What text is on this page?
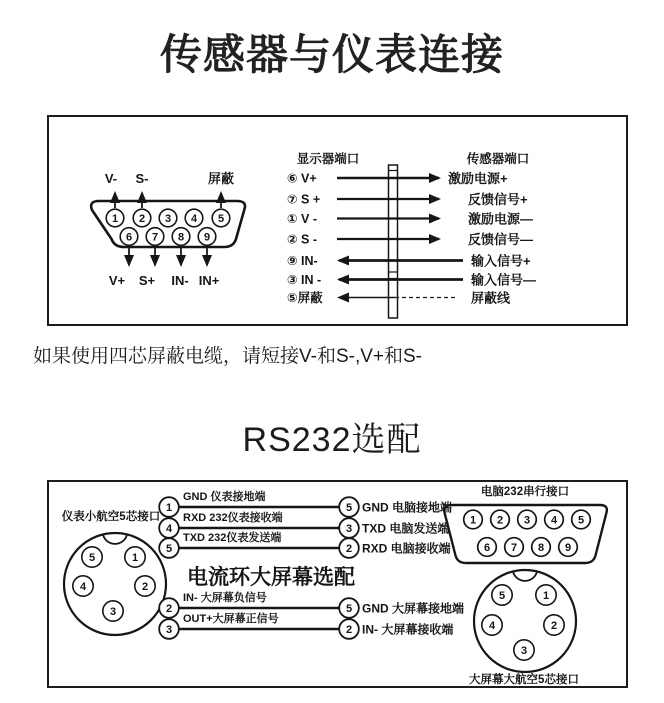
传感器与仪表连接
1 2 3 4 5
6 7 8 9
V- S-	屏蔽
V+ S+ IN- IN+
显示器端口	传感器端口
⑥ V+	激励电源+
⑦ S +	反馈信号+
① V -	激励电源—
② S -	反馈信号—
⑨ IN-	输入信号+
③ IN -	输入信号—
⑤屏蔽	屏蔽线

如果使用四芯屏蔽电缆，请短接V-和S-,V+和S-

RS232选配
仪表小航空5芯接口
5	1
4	2
3
1
GND 仪表接地端
5 GND 电脑接地端
4
RXD 232仪表接收端
3 TXD 电脑发送端
5
TXD 232仪表发送端
2 RXD 电脑接收端
电流环大屏幕选配
2
IN- 大屏幕负信号
5 GND 大屏幕接地端
3
OUT+大屏幕正信号
2 IN- 大屏幕接收端
电脑232串行接口
1 2 3 4 5
6 7 8 9
5	1
4	2
3
大屏幕大航空5芯接口
